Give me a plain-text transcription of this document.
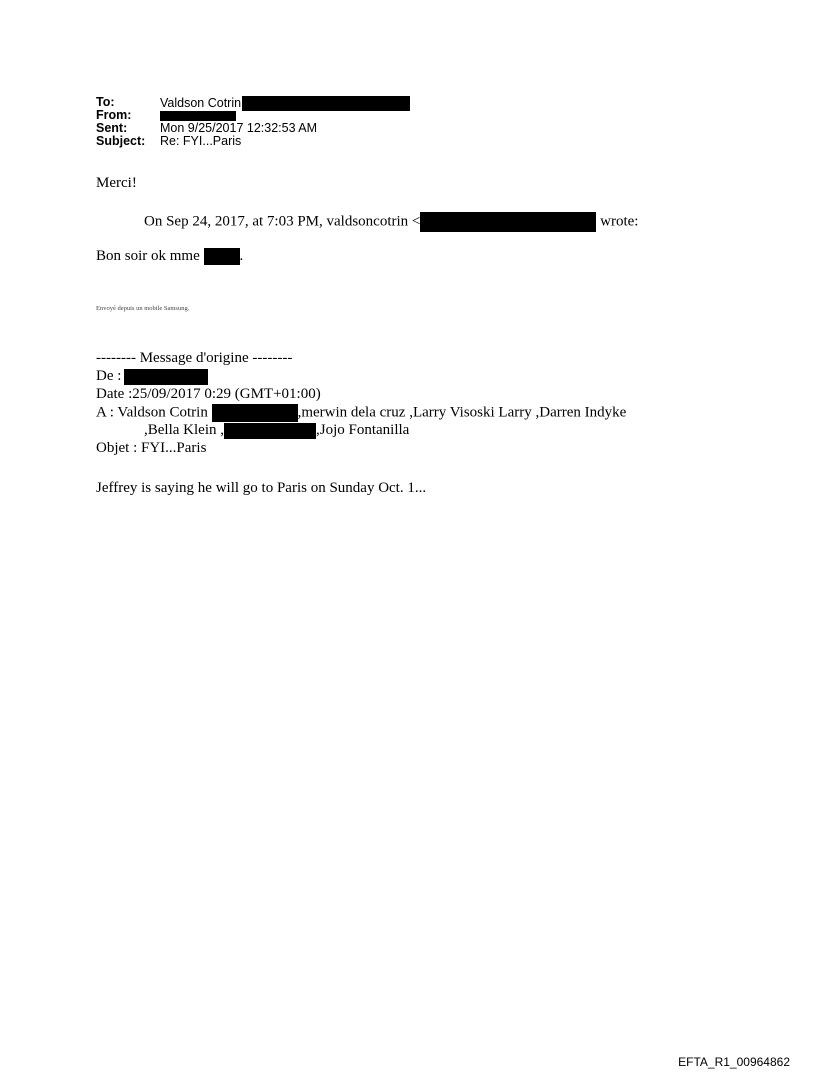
To:	Valdson Cotrin
From:
Sent:	Mon 9/25/2017 12:32:53 AM
Subject: Re: FYI...Paris
Merci!
On Sep 24, 2017, at 7:03 PM, valdsoncotrin <	wrote:
Bon soir ok mme .
Envoyé depuis un mobile Samsung.
-------- Message d'origine --------
De :
Date :25/09/2017 0:29 (GMT+01:00)
A : Valdson Cotrin	,merwin dela cruz ,Larry Visoski Larry ,Darren Indyke
,Bella Klein ,	,Jojo Fontanilla
Objet : FYI...Paris
Jeffrey is saying he will go to Paris on Sunday Oct. 1...
EFTA_R1_00964862
